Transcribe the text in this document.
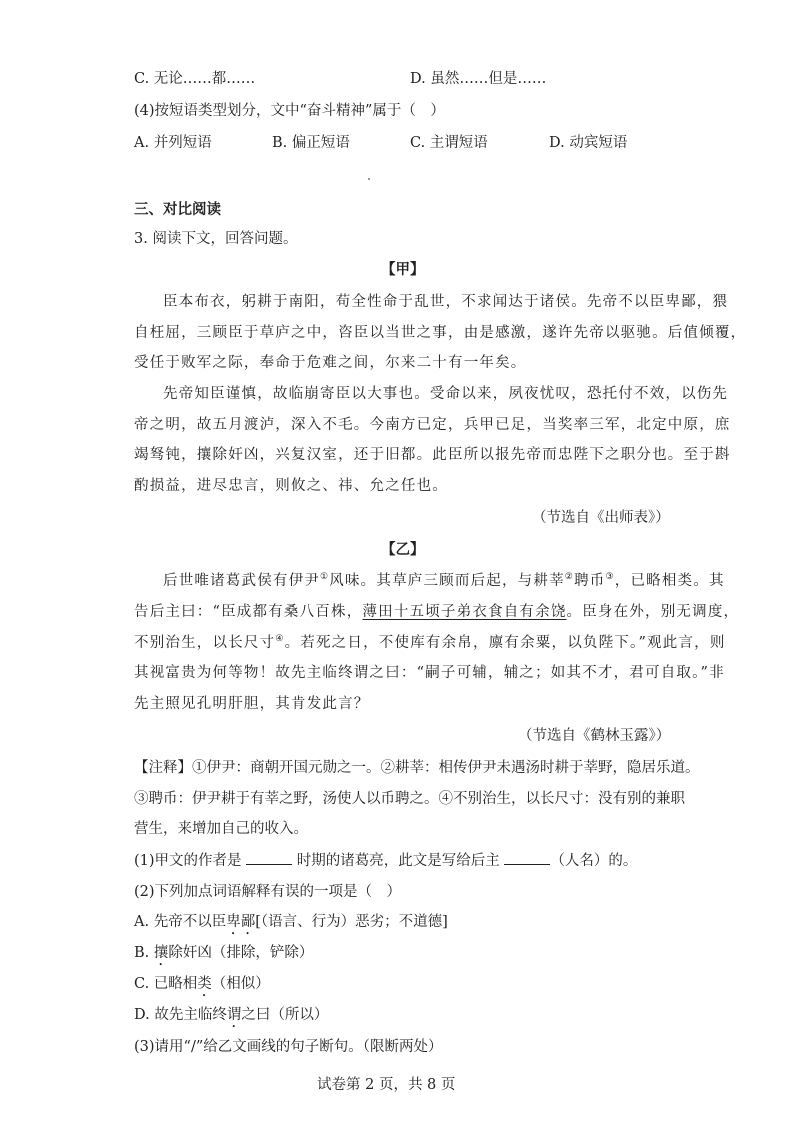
C. 无论……都……	D. 虽然……但是……
(4)按短语类型划分，文中“奋斗精神”属于（　）
A. 并列短语	B. 偏正短语	C. 主谓短语	D. 动宾短语
三、对比阅读
3. 阅读下文，回答问题。
【甲】
臣本布衣，躬耕于南阳，苟全性命于乱世，不求闻达于诸侯。先帝不以臣卑鄙，猥
自枉屈，三顾臣于草庐之中，咨臣以当世之事，由是感激，遂许先帝以驱驰。后值倾覆，
受任于败军之际，奉命于危难之间，尔来二十有一年矣。
先帝知臣谨慎，故临崩寄臣以大事也。受命以来，夙夜忧叹，恐托付不效，以伤先
帝之明，故五月渡泸，深入不毛。今南方已定，兵甲已足，当奖率三军，北定中原，庶
竭驽钝，攘除奸凶，兴复汉室，还于旧都。此臣所以报先帝而忠陛下之职分也。至于斟
酌损益，进尽忠言，则攸之、祎、允之任也。
（节选自《出师表》）
【乙】
后世唯诸葛武侯有伊尹①风味。其草庐三顾而后起，与耕莘②聘币③，已略相类。其
告后主曰：“臣成都有桑八百株，薄田十五顷子弟衣食自有余饶。臣身在外，别无调度，
不别治生，以长尺寸④。若死之日，不使库有余帛，廪有余粟，以负陛下。”观此言，则
其视富贵为何等物！故先主临终谓之曰：“嗣子可辅，辅之；如其不才，君可自取。”非
先主照见孔明肝胆，其肯发此言？
（节选自《鹤林玉露》）
【注释】①伊尹：商朝开国元勋之一。②耕莘：相传伊尹未遇汤时耕于莘野，隐居乐道。
③聘币：伊尹耕于有莘之野，汤使人以币聘之。④不别治生，以长尺寸：没有别的兼职
营生，来增加自己的收入。
(1)甲文的作者是	时期的诸葛亮，此文是写给后主	（人名）的。
(2)下列加点词语解释有误的一项是（　）
A. 先帝不以臣卑鄙[（语言、行为）恶劣；不道德]
B. 攘除奸凶（排除，铲除）
C. 已略相类（相似）
D. 故先主临终谓之曰（所以）
(3)请用“/”给乙文画线的句子断句。（限断两处）
试卷第 2 页，共 8 页
